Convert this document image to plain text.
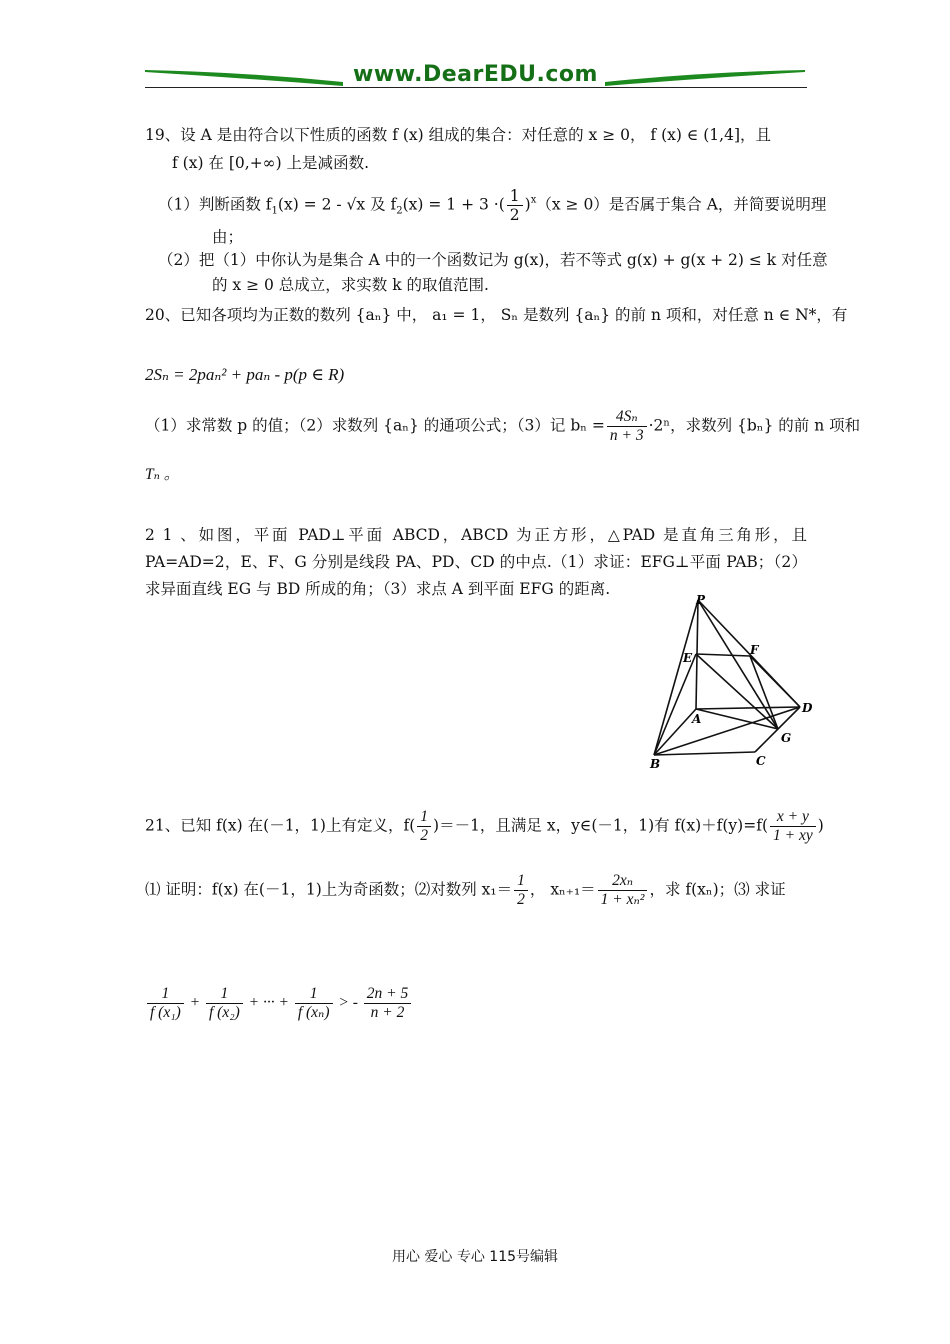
www.DearEDU.com
19、设 A 是由符合以下性质的函数 f (x) 组成的集合：对任意的 x ≥ 0， f (x) ∈ (1,4]，且
f (x) 在 [0,+∞) 上是减函数.
（1）判断函数 $f_1(x) = 2 - √x$ 及 $f_2(x) = 1 + 3$ ·( $\frac{1}{2} )^x(x \ge 0)$是否属于集合 A，并简要说明理
由；
（2）把（1）中你认为是集合 A 中的一个函数记为 g(x)，若不等式 g(x) + g(x + 2) ≤ k 对任意
的 x ≥ 0 总成立，求实数 k 的取值范围.
20、已知各项均为正数的数列 {aₙ} 中， a₁ = 1， Sₙ 是数列 {aₙ} 的前 n 项和，对任意 n ∈ N*，有
2Sₙ = 2paₙ² + paₙ - p(p ∈ R)
（1）求常数 p 的值；（2）求数列 {aₙ} 的通项公式；（3）记 $b_n = \frac{\text{4Sₙ}}{n + 3} \cdot 2^n$，求数列 {bₙ} 的前 n 项和
Tₙ 。
2 1 、如图，平面 PAD⊥平面 ABCD，ABCD 为正方形，△PAD 是直角三角形，且 PA=AD=2，E、F、G 分别是线段 PA、PD、CD 的中点.（1）求证：EFG⊥平面 PAB；（2）求异面直线 EG 与 BD 所成的角；（3）求点 A 到平面 EFG 的距离.
P
E
F
A
D
G
B	C
21、已知 f(x) 在(－1，1)上有定义，$f( \frac{1}{2} )=-1$，且满足 x，y∈(－1，1)有 $f(x)+f(y)=f( \frac{x + y}{1 + xy}$ )
⑴ 证明：f(x) 在(－1，1)上为奇函数；⑵对数列 $x_1= \frac{1}{2}$ ， $x_{n+1}= \frac{\text{2xₙ}}{\text{1 + xₙ²}}$ ，求 f(xₙ)；⑶ 求证
$\frac{1}{\text{f (x₁)}} + \frac{1}{\text{f (x₂)}}$ + ··· + $\frac{1}{\text{f (xₙ)}}$ > - $\frac{2n + 5}{n + 2}$
用心 爱心 专心 115号编辑
